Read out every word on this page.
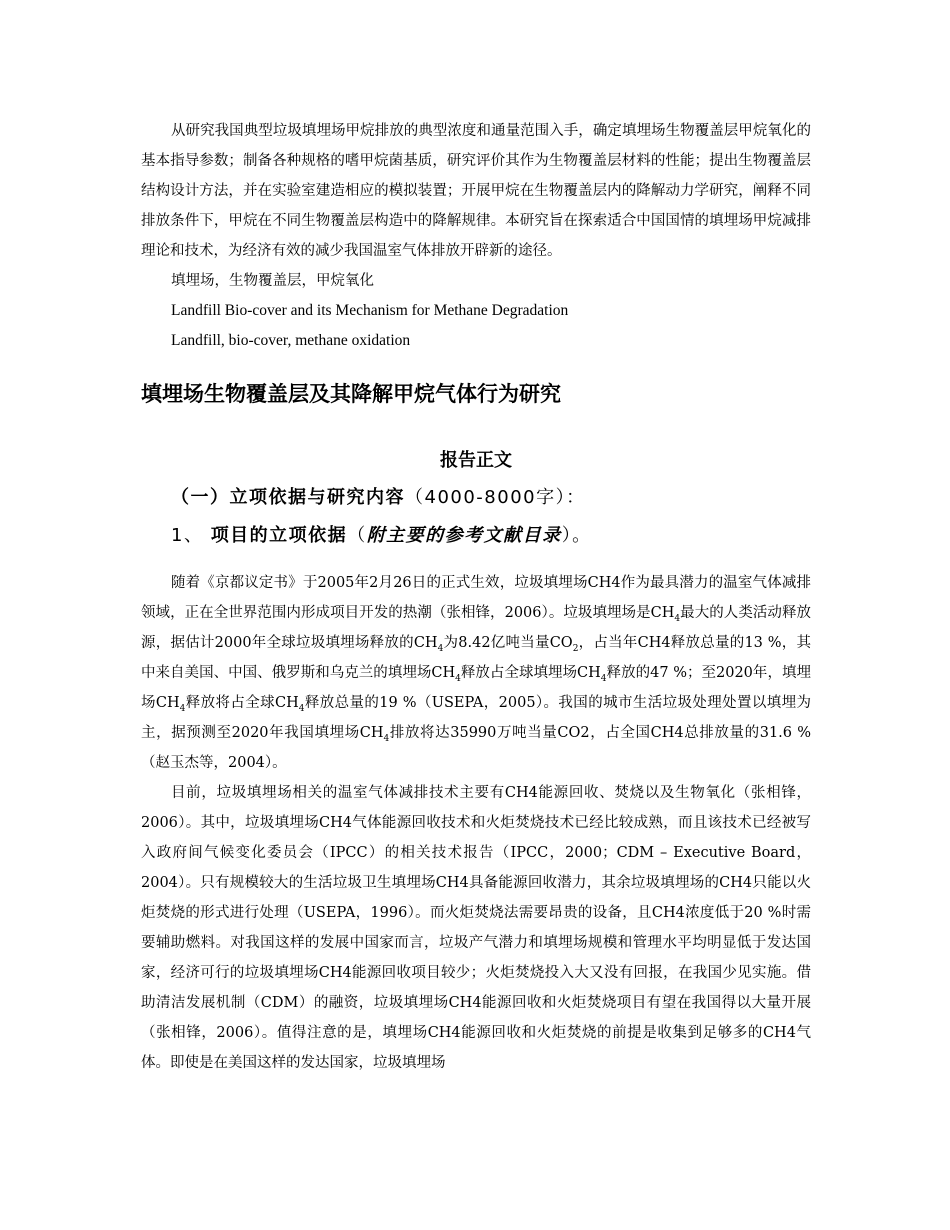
从研究我国典型垃圾填埋场甲烷排放的典型浓度和通量范围入手，确定填埋场生物覆盖层甲烷氧化的基本指导参数；制备各种规格的嗜甲烷菌基质，研究评价其作为生物覆盖层材料的性能；提出生物覆盖层结构设计方法，并在实验室建造相应的模拟装置；开展甲烷在生物覆盖层内的降解动力学研究，阐释不同排放条件下，甲烷在不同生物覆盖层构造中的降解规律。本研究旨在探索适合中国国情的填埋场甲烷减排理论和技术，为经济有效的减少我国温室气体排放开辟新的途径。

填埋场，生物覆盖层，甲烷氧化

Landfill Bio-cover and its Mechanism for Methane Degradation

Landfill, bio-cover, methane oxidation

填埋场生物覆盖层及其降解甲烷气体行为研究
报告正文
（一）立项依据与研究内容（4000-8000字）：
1、 项目的立项依据（附主要的参考文献目录）。

随着《京都议定书》于2005年2月26日的正式生效，垃圾填埋场CH4作为最具潜力的温室气体减排领域，正在全世界范围内形成项目开发的热潮（张相锋，2006）。垃圾填埋场是$CH_4$最大的人类活动释放源，据估计2000年全球垃圾填埋场释放的$CH_4$为8.42亿吨当量$CO_2$，占当年CH4释放总量的13 %，其中来自美国、中国、俄罗斯和乌克兰的填埋场$CH_4$释放占全球填埋场$CH_4$释放的47 %；至2020年，填埋场$CH_4$释放将占全球$CH_4$释放总量的19 %（USEPA，2005）。我国的城市生活垃圾处理处置以填埋为主，据预测至2020年我国填埋场$CH_4$排放将达35990万吨当量CO2，占全国CH4总排放量的31.6 %（赵玉杰等，2004）。

目前，垃圾填埋场相关的温室气体减排技术主要有CH4能源回收、焚烧以及生物氧化（张相锋，2006）。其中，垃圾填埋场CH4气体能源回收技术和火炬焚烧技术已经比较成熟，而且该技术已经被写入政府间气候变化委员会（IPCC）的相关技术报告（IPCC，2000；CDM – Executive Board，2004）。只有规模较大的生活垃圾卫生填埋场CH4具备能源回收潜力，其余垃圾填埋场的CH4只能以火炬焚烧的形式进行处理（USEPA，1996）。而火炬焚烧法需要昂贵的设备，且CH4浓度低于20 %时需要辅助燃料。对我国这样的发展中国家而言，垃圾产气潜力和填埋场规模和管理水平均明显低于发达国家，经济可行的垃圾填埋场CH4能源回收项目较少；火炬焚烧投入大又没有回报，在我国少见实施。借助清洁发展机制（CDM）的融资，垃圾填埋场CH4能源回收和火炬焚烧项目有望在我国得以大量开展（张相锋，2006）。值得注意的是，填埋场CH4能源回收和火炬焚烧的前提是收集到足够多的CH4气体。即使是在美国这样的发达国家，垃圾填埋场
